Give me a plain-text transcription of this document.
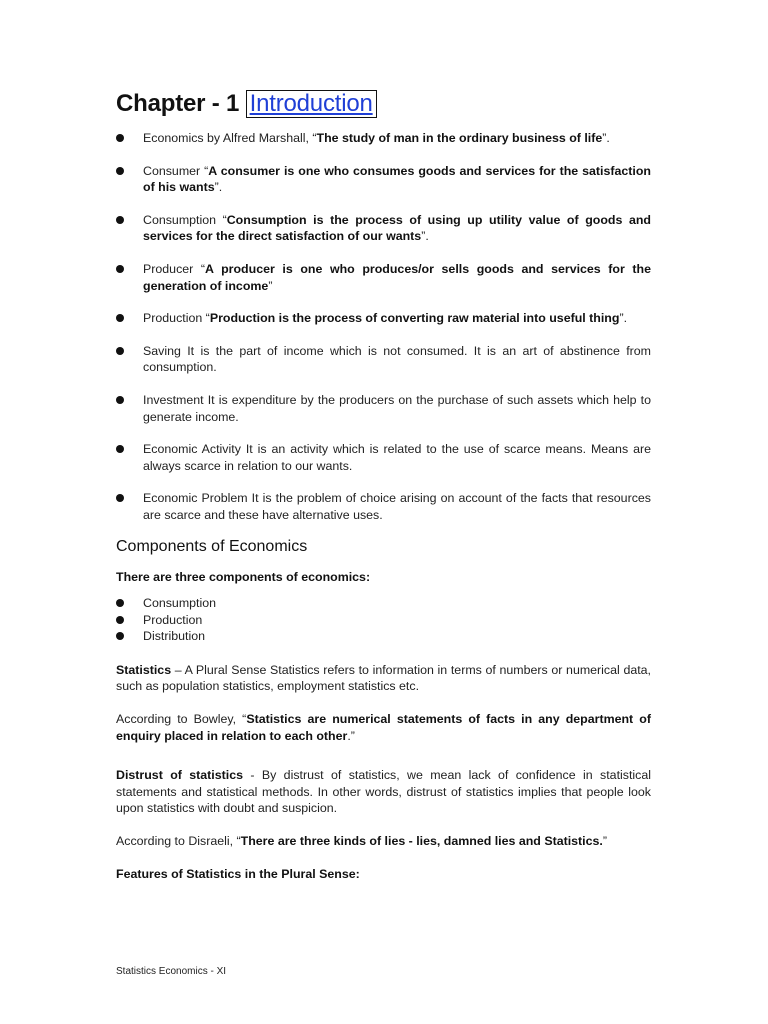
Chapter - 1 Introduction
Economics by Alfred Marshall, “The study of man in the ordinary business of life”.
Consumer “A consumer is one who consumes goods and services for the satisfaction of his wants”.
Consumption “Consumption is the process of using up utility value of goods and services for the direct satisfaction of our wants”.
Producer “A producer is one who produces/or sells goods and services for the generation of income”
Production “Production is the process of converting raw material into useful thing”.
Saving It is the part of income which is not consumed. It is an art of abstinence from consumption.
Investment It is expenditure by the producers on the purchase of such assets which help to generate income.
Economic Activity It is an activity which is related to the use of scarce means. Means are always scarce in relation to our wants.
Economic Problem It is the problem of choice arising on account of the facts that resources are scarce and these have alternative uses.
Components of Economics

There are three components of economics:

Consumption
Production
Distribution

Statistics – A Plural Sense Statistics refers to information in terms of numbers or numerical data, such as population statistics, employment statistics etc.

According to Bowley, “Statistics are numerical statements of facts in any department of enquiry placed in relation to each other.”

Distrust of statistics - By distrust of statistics, we mean lack of confidence in statistical statements and statistical methods. In other words, distrust of statistics implies that people look upon statistics with doubt and suspicion.

According to Disraeli, “There are three kinds of lies - lies, damned lies and Statistics.”

Features of Statistics in the Plural Sense:

Statistics Economics - XI
